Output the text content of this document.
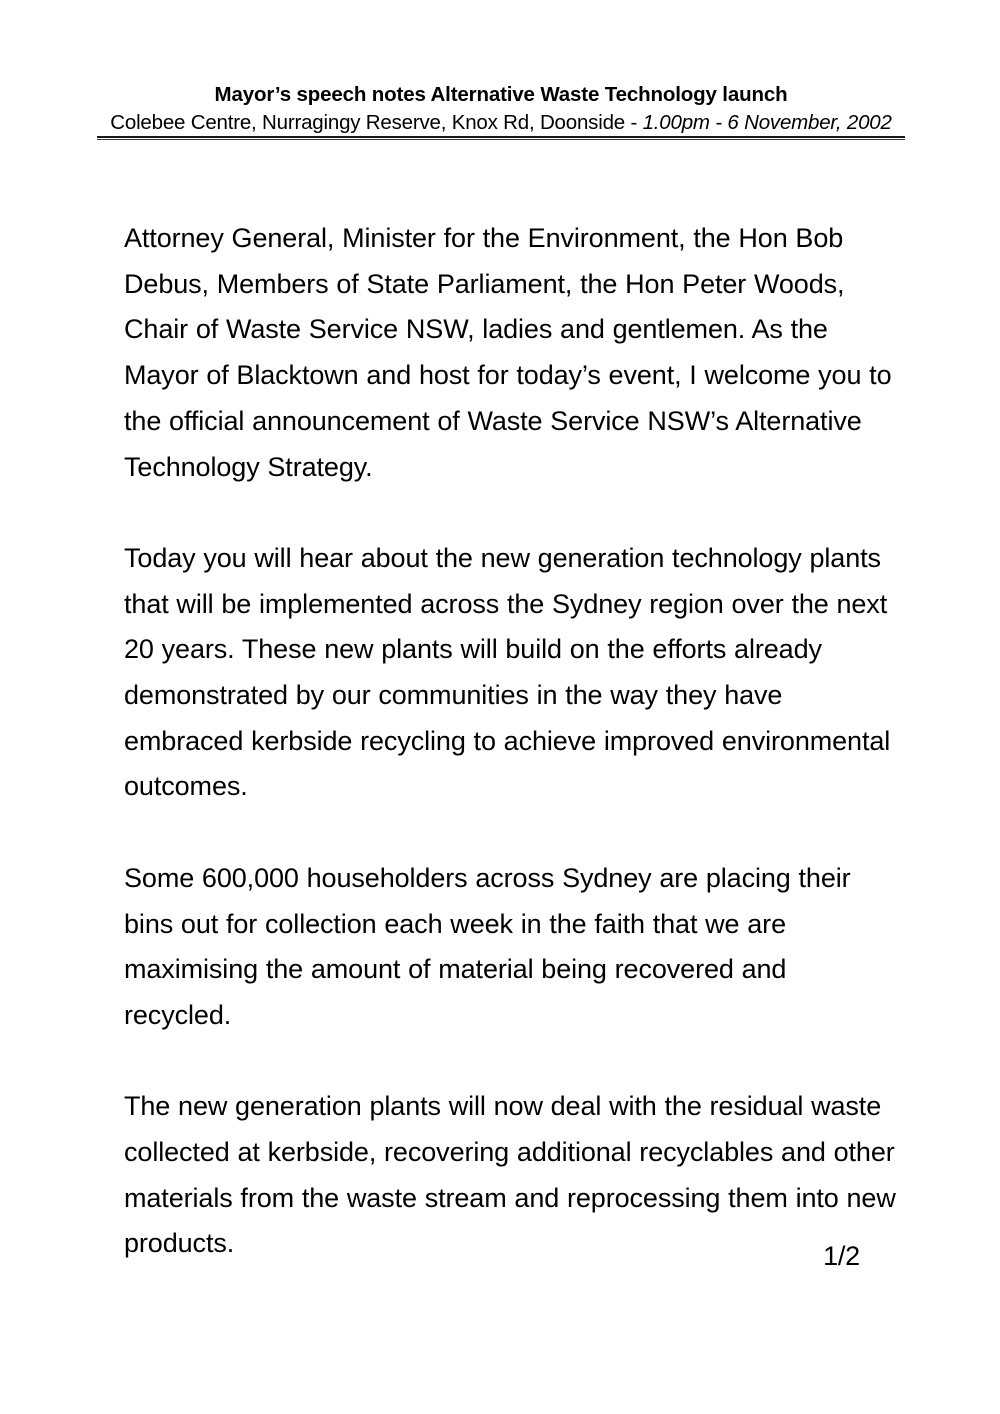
Mayor’s speech notes Alternative Waste Technology launch
Colebee Centre, Nurragingy Reserve, Knox Rd, Doonside - 1.00pm - 6 November, 2002

Attorney General, Minister for the Environment, the Hon Bob Debus, Members of State Parliament, the Hon Peter Woods, Chair of Waste Service NSW, ladies and gentlemen. As the Mayor of Blacktown and host for today’s event, I welcome you to the official announcement of Waste Service NSW’s Alternative Technology Strategy.

Today you will hear about the new generation technology plants that will be implemented across the Sydney region over the next 20 years. These new plants will build on the efforts already demonstrated by our communities in the way they have embraced kerbside recycling to achieve improved environmental outcomes.

Some 600,000 householders across Sydney are placing their bins out for collection each week in the faith that we are maximising the amount of material being recovered and recycled.

The new generation plants will now deal with the residual waste collected at kerbside, recovering additional recyclables and other materials from the waste stream and reprocessing them into new products.	1/2
